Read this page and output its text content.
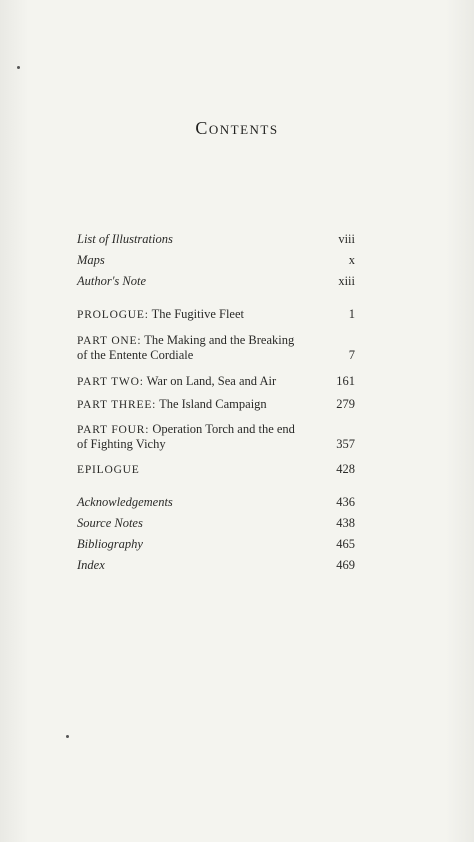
Contents
List of Illustrations	viii
Maps	x
Author's Note	xiii
PROLOGUE: The Fugitive Fleet	1
PART ONE: The Making and the Breaking
of the Entente Cordiale	7
PART TWO: War on Land, Sea and Air	161
PART THREE: The Island Campaign	279
PART FOUR: Operation Torch and the end
of Fighting Vichy	357
EPILOGUE	428
Acknowledgements	436
Source Notes	438
Bibliography	465
Index	469
